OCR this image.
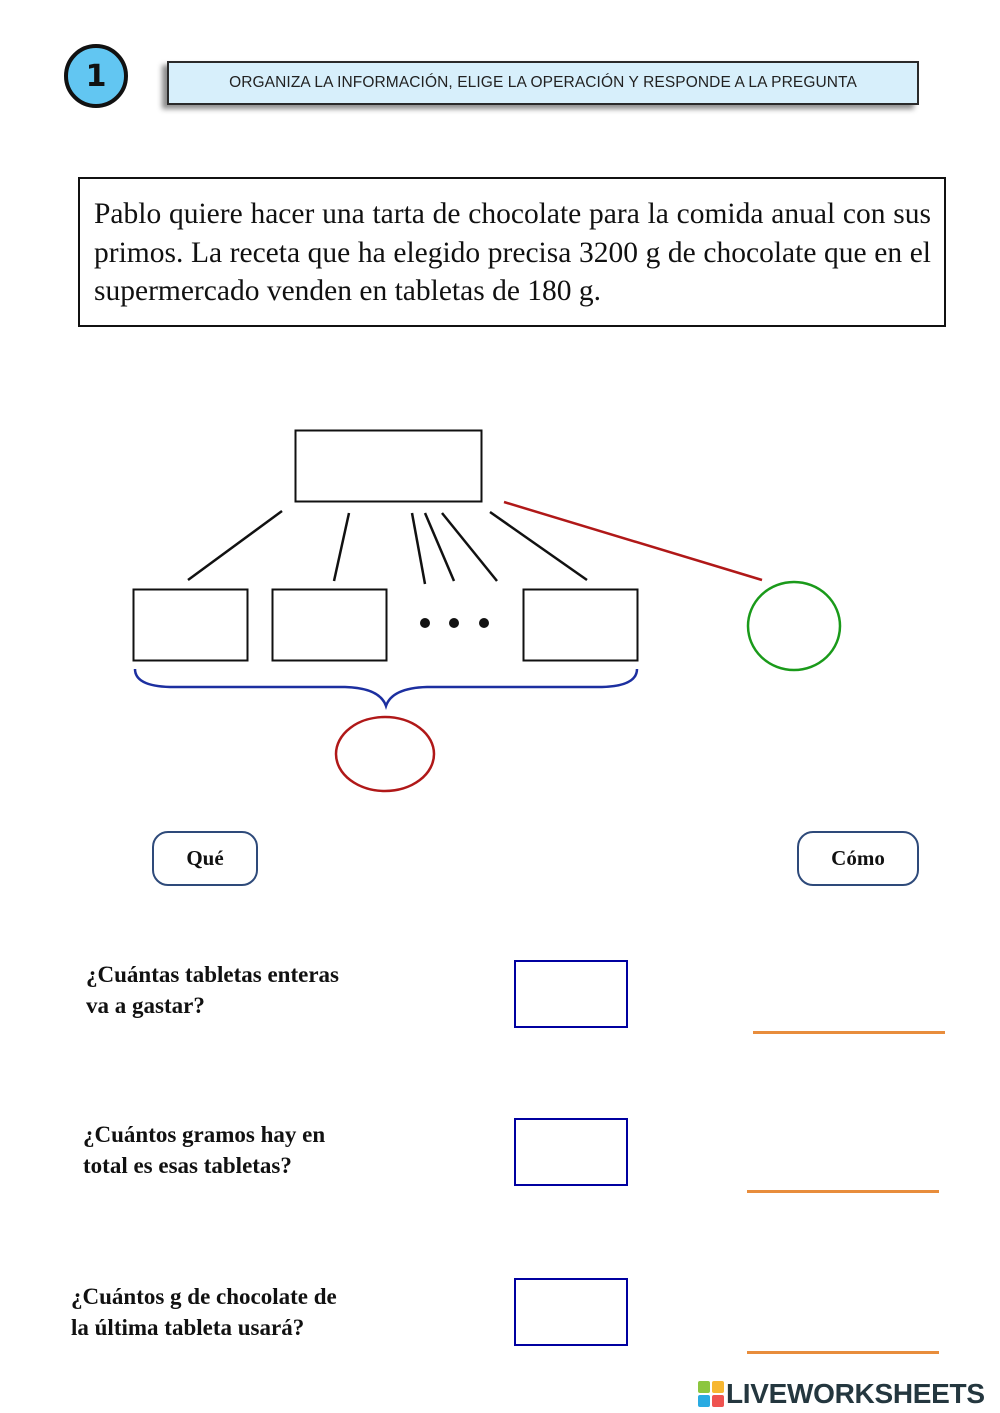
1	ORGANIZA LA INFORMACIÓN, ELIGE LA OPERACIÓN Y RESPONDE A LA PREGUNTA
Pablo quiere hacer una tarta de chocolate para la comida anual con sus primos. La receta que ha elegido precisa 3200 g de chocolate que en el supermercado venden en tabletas de 180 g.
Qué	Cómo
¿Cuántas tabletas enteras
va a gastar?
¿Cuántos gramos hay en
total es esas tabletas?
¿Cuántos g de chocolate de
la última tableta usará?
LIVEWORKSHEETS
